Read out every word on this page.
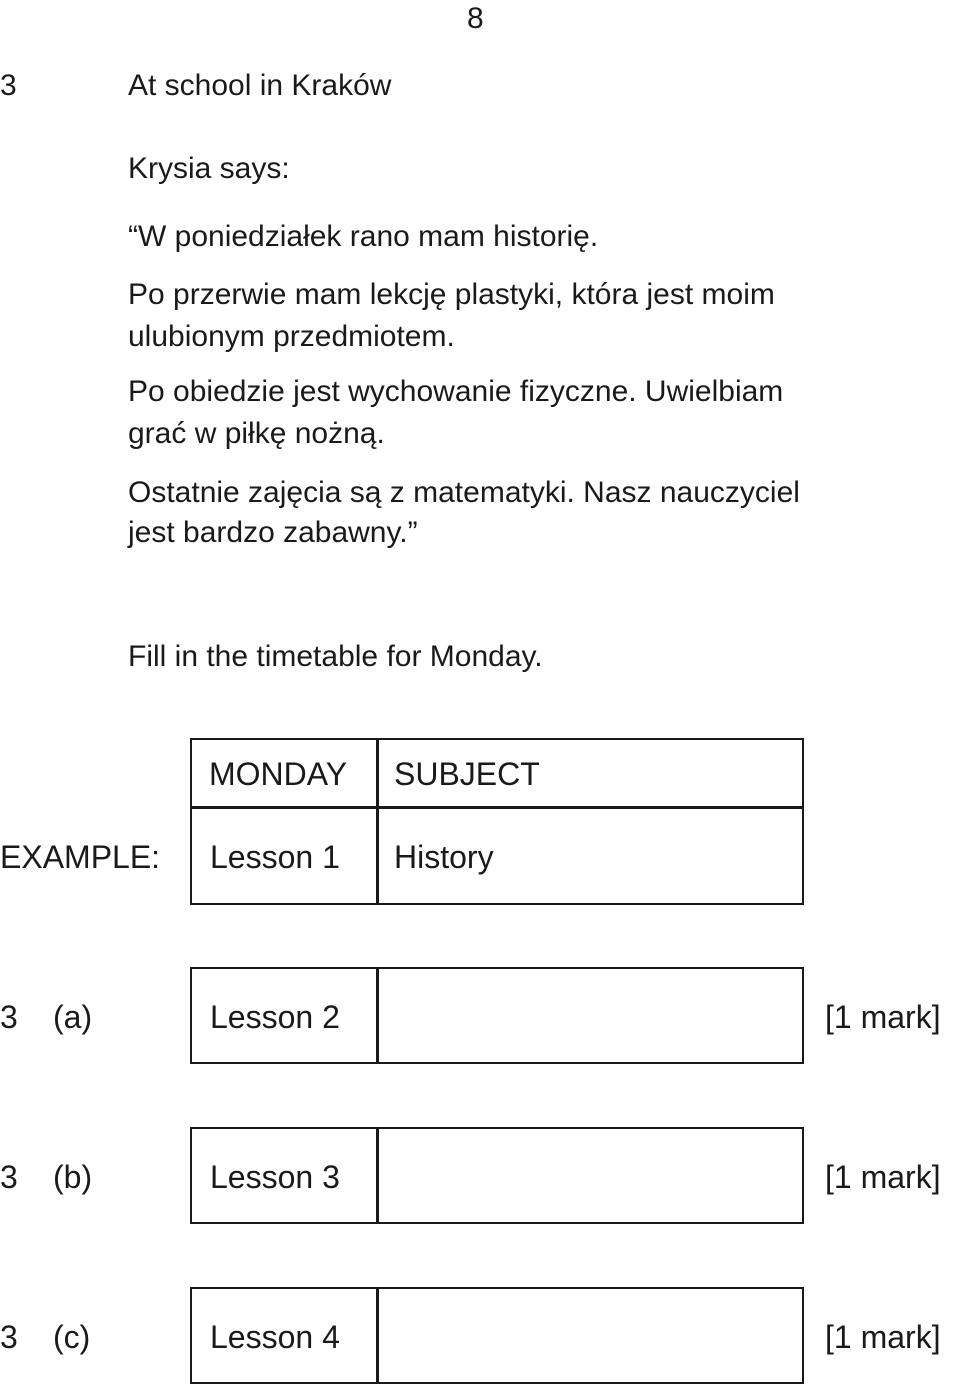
8
3	At school in Kraków
Krysia says:
“W poniedziałek rano mam historię.
Po przerwie mam lekcję plastyki, która jest moim
ulubionym przedmiotem.
Po obiedzie jest wychowanie fizyczne. Uwielbiam
grać w piłkę nożną.
Ostatnie zajęcia są z matematyki. Nasz nauczyciel
jest bardzo zabawny.”
Fill in the timetable for Monday.
MONDAY SUBJECT
EXAMPLE: Lesson 1 History
3 (a)	Lesson 2	[1 mark]
3 (b)	Lesson 3	[1 mark]
3 (c)	Lesson 4	[1 mark]
